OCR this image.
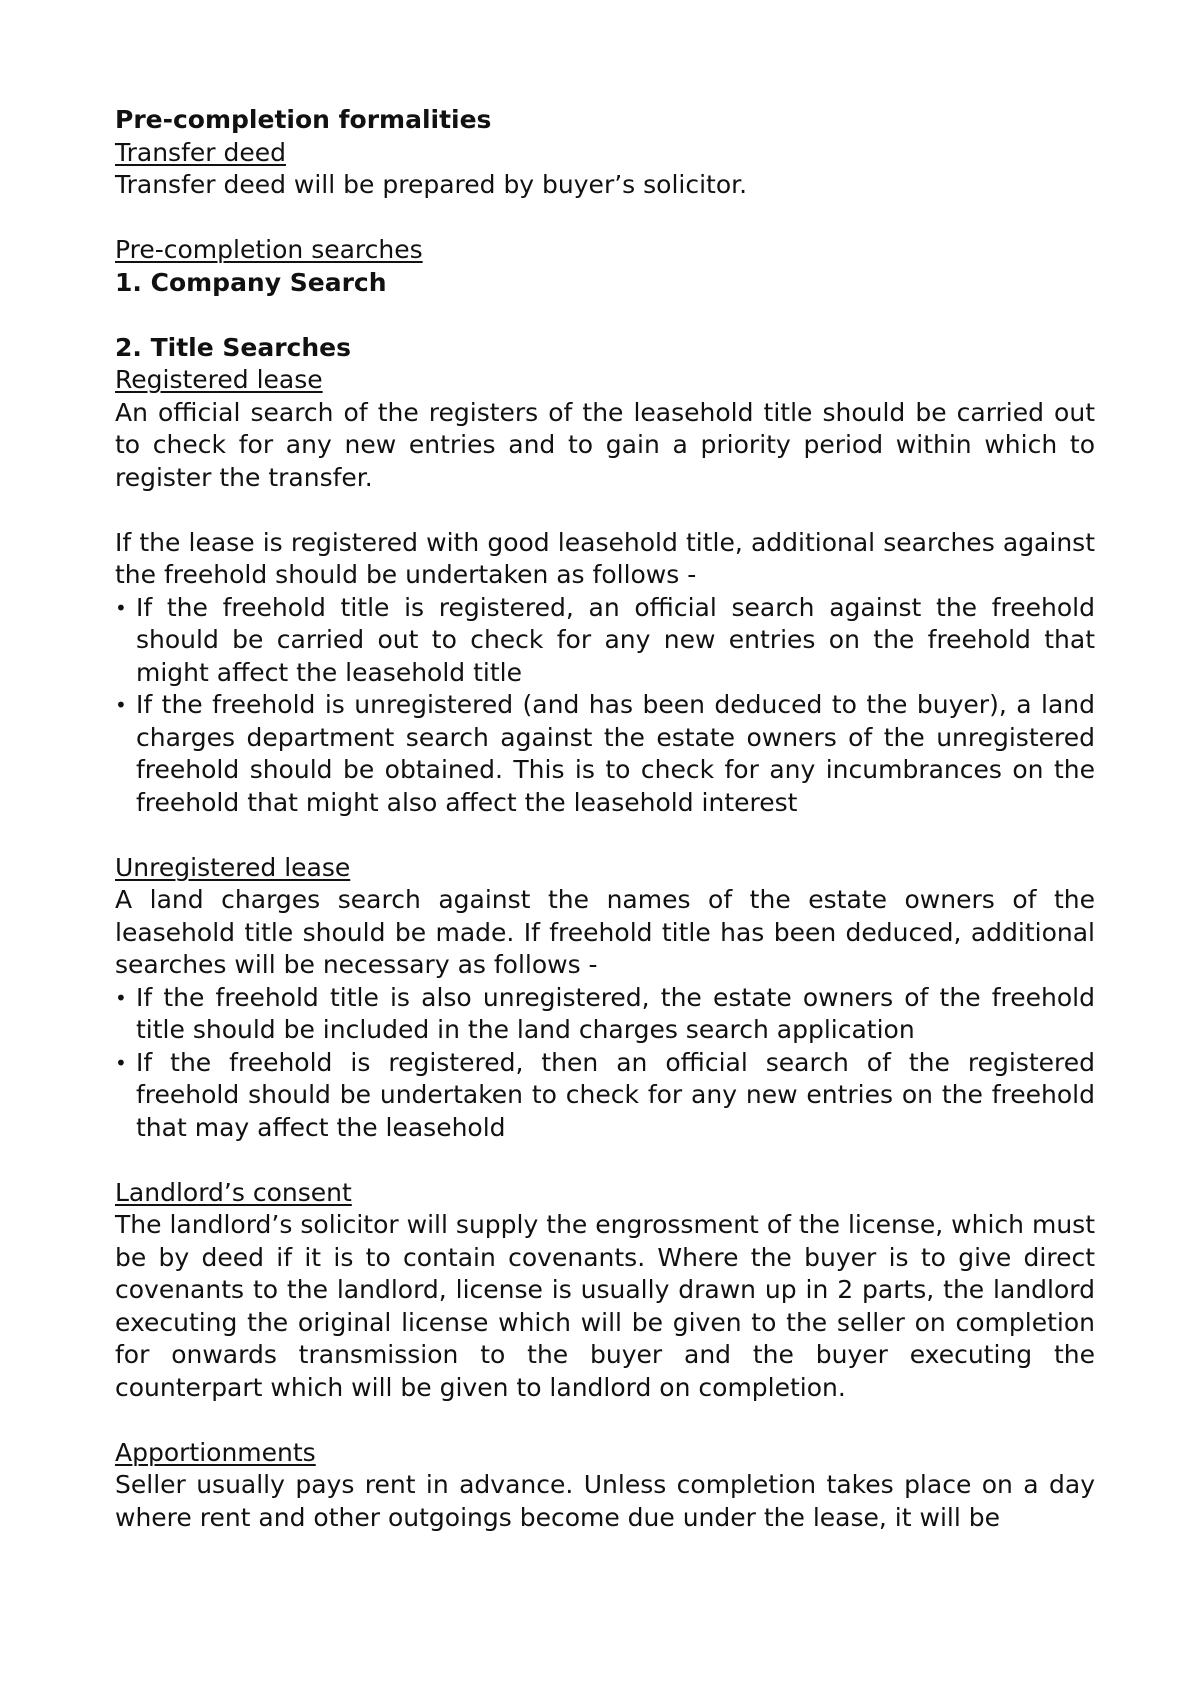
Pre-completion formalities

Transfer deed

Transfer deed will be prepared by buyer’s solicitor.

Pre-completion searches

1. Company Search

2. Title Searches

Registered lease

An official search of the registers of the leasehold title should be carried out to check for any new entries and to gain a priority period within which to register the transfer.

If the lease is registered with good leasehold title, additional searches against the freehold should be undertaken as follows -

• If the freehold title is registered, an official search against the freehold should be carried out to check for any new entries on the freehold that might affect the leasehold title
• If the freehold is unregistered (and has been deduced to the buyer), a land charges department search against the estate owners of the unregistered freehold should be obtained. This is to check for any incumbrances on the freehold that might also affect the leasehold interest

Unregistered lease

A land charges search against the names of the estate owners of the leasehold title should be made. If freehold title has been deduced, additional searches will be necessary as follows -

• If the freehold title is also unregistered, the estate owners of the freehold title should be included in the land charges search application
• If the freehold is registered, then an official search of the registered freehold should be undertaken to check for any new entries on the freehold that may affect the leasehold

Landlord’s consent

The landlord’s solicitor will supply the engrossment of the license, which must be by deed if it is to contain covenants. Where the buyer is to give direct covenants to the landlord, license is usually drawn up in 2 parts, the landlord executing the original license which will be given to the seller on completion for onwards transmission to the buyer and the buyer executing the counterpart which will be given to landlord on completion.

Apportionments

Seller usually pays rent in advance. Unless completion takes place on a day where rent and other outgoings become due under the lease, it will be
